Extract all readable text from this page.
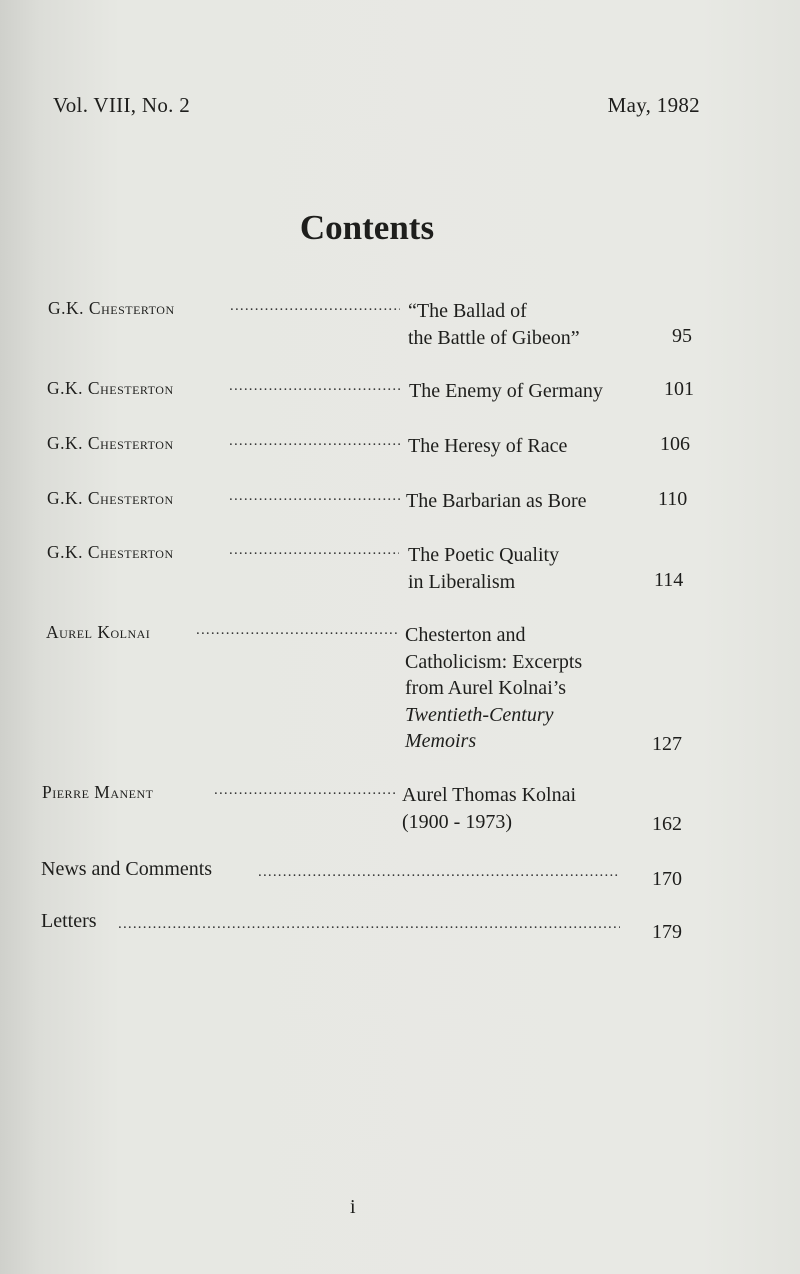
Vol. VIII, No. 2	May, 1982
Contents
G.K. Chesterton .....	“The Ballad of
the Battle of Gibeon”	95
G.K. Chesterton .....	The Enemy of Germany	101
G.K. Chesterton .....	The Heresy of Race	106
G.K. Chesterton .....	The Barbarian as Bore	110
G.K. Chesterton .....	The Poetic Quality
in Liberalism	114
Aurel Kolnai .....	Chesterton and
Catholicism: Excerpts
from Aurel Kolnai’s
Twentieth-Century
Memoirs	127
Pierre Manent .....	Aurel Thomas Kolnai
(1900 - 1973)	162
News and Comments .....	170
Letters .....	179
i
